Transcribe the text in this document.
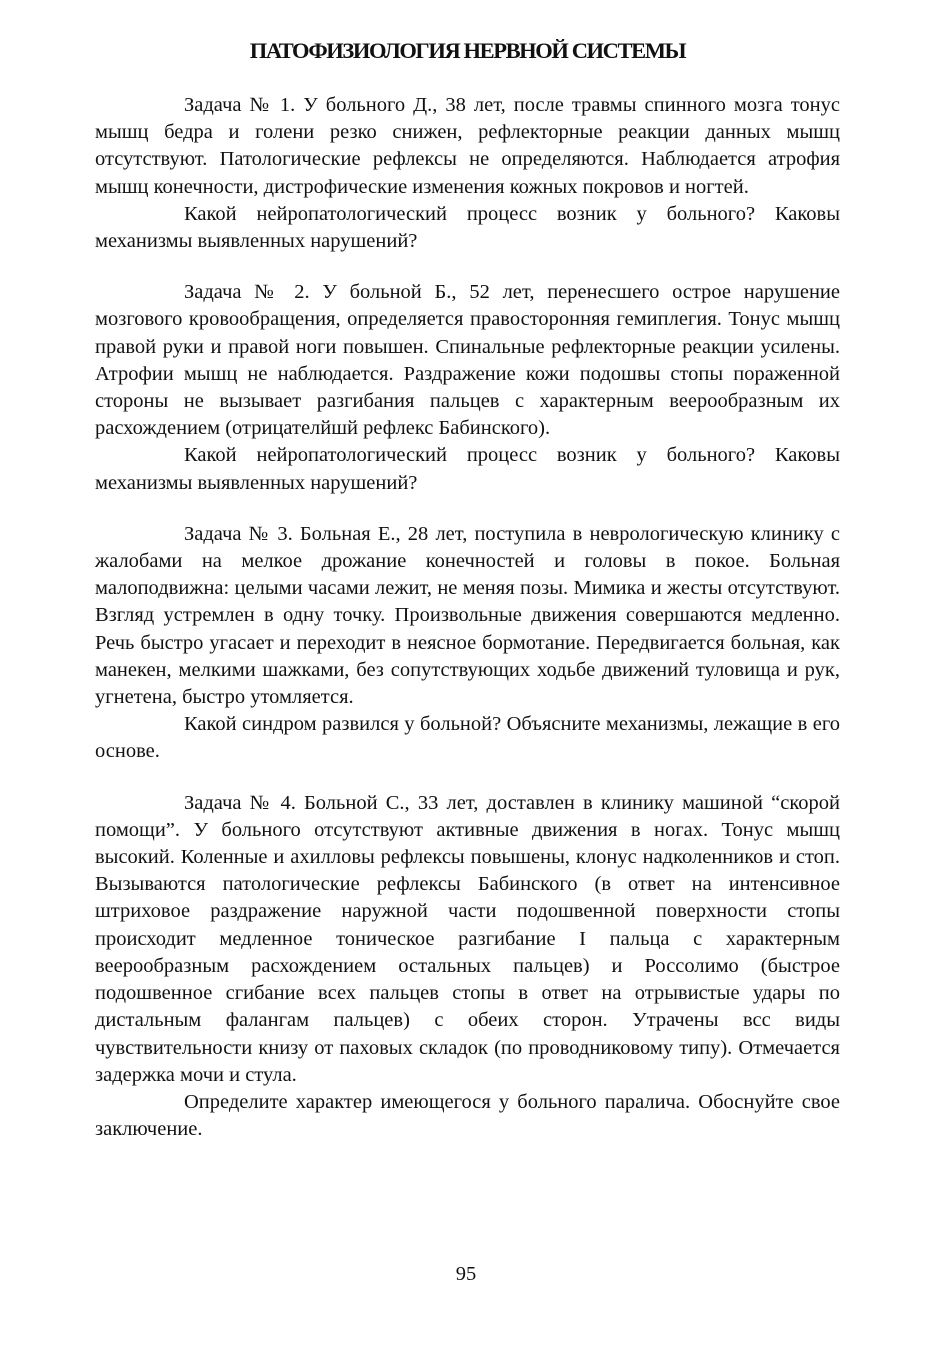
ПАТОФИЗИОЛОГИЯ НЕРВНОЙ СИСТЕМЫ

Задача № 1. У больного Д., 38 лет, после травмы спинного мозга тонус мышц бедра и голени резко снижен, рефлекторные реакции данных мышц отсутствуют. Патологические рефлексы не определяются. Наблюдается атрофия мышц конечности, дистрофические изменения кожных покровов и ногтей.

Какой нейропатологический процесс возник у больного? Каковы механизмы выявленных нарушений?

Задача № 2. У больной Б., 52 лет, перенесшего острое нарушение мозгового кровообращения, определяется правосторонняя гемиплегия. Тонус мышц правой руки и правой ноги повышен. Спинальные рефлекторные реакции усилены. Атрофии мышц не наблюдается. Раздражение кожи подошвы стопы пораженной стороны не вызывает разгибания пальцев с характерным веерообразным их расхождением (отрицателйшй рефлекс Бабинского).

Какой нейропатологический процесс возник у больного? Каковы механизмы выявленных нарушений?

Задача № 3. Больная Е., 28 лет, поступила в неврологическую клинику с жалобами на мелкое дрожание конечностей и головы в покое. Больная малоподвижна: целыми часами лежит, не меняя позы. Мимика и жесты отсутствуют. Взгляд устремлен в одну точку. Произвольные движения совершаются медленно. Речь быстро угасает и переходит в неясное бормотание. Передвигается больная, как манекен, мелкими шажками, без сопутствующих ходьбе движений туловища и рук, угнетена, быстро утомляется.

Какой синдром развился у больной? Объясните механизмы, лежащие в его основе.

Задача № 4. Больной С., 33 лет, доставлен в клинику машиной “скорой помощи”. У больного отсутствуют активные движения в ногах. Тонус мышц высокий. Коленные и ахилловы рефлексы повышены, клонус надколенников и стоп. Вызываются патологические рефлексы Бабинского (в ответ на интенсивное штриховое раздражение наружной части подошвенной поверхности стопы происходит медленное тоническое разгибание I пальца с характерным веерообразным расхождением остальных пальцев) и Россолимо (быстрое подошвенное сгибание всех пальцев стопы в ответ на отрывистые удары по дистальным фалангам пальцев) с обеих сторон. Утрачены всс виды чувствительности книзу от паховых складок (по проводниковому типу). Отмечается задержка мочи и стула.

Определите характер имеющегося у больного паралича. Обоснуйте свое заключение.

95
